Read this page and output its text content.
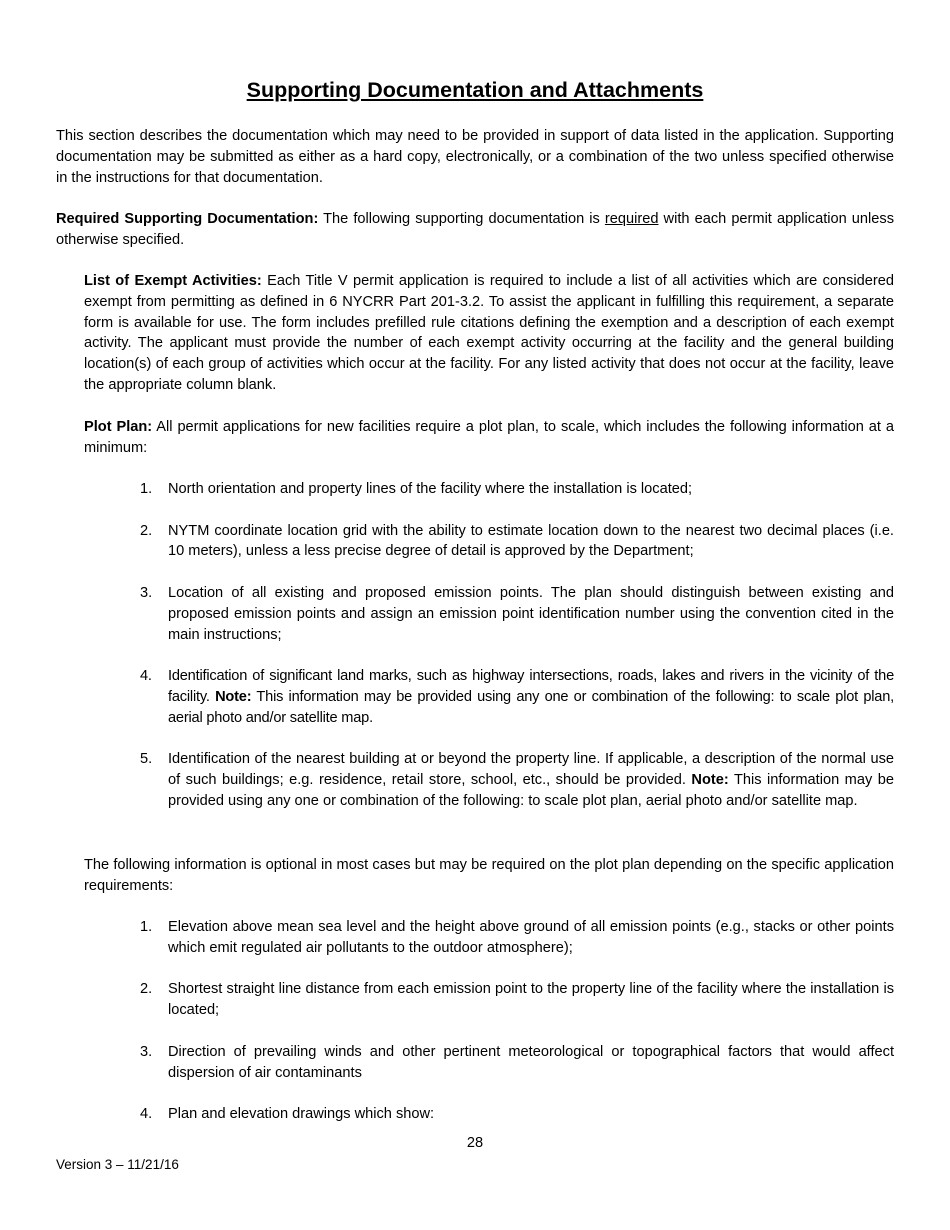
Supporting Documentation and Attachments

This section describes the documentation which may need to be provided in support of data listed in the application. Supporting documentation may be submitted as either as a hard copy, electronically, or a combination of the two unless specified otherwise in the instructions for that documentation.

Required Supporting Documentation: The following supporting documentation is required with each permit application unless otherwise specified.

List of Exempt Activities: Each Title V permit application is required to include a list of all activities which are considered exempt from permitting as defined in 6 NYCRR Part 201-3.2. To assist the applicant in fulfilling this requirement, a separate form is available for use. The form includes prefilled rule citations defining the exemption and a description of each exempt activity. The applicant must provide the number of each exempt activity occurring at the facility and the general building location(s) of each group of activities which occur at the facility. For any listed activity that does not occur at the facility, leave the appropriate column blank.

Plot Plan: All permit applications for new facilities require a plot plan, to scale, which includes the following information at a minimum:

1. North orientation and property lines of the facility where the installation is located;
2. NYTM coordinate location grid with the ability to estimate location down to the nearest two decimal places (i.e. 10 meters), unless a less precise degree of detail is approved by the Department;
3. Location of all existing and proposed emission points. The plan should distinguish between existing and proposed emission points and assign an emission point identification number using the convention cited in the main instructions;
4. Identification of significant land marks, such as highway intersections, roads, lakes and rivers in the vicinity of the facility. Note: This information may be provided using any one or combination of the following: to scale plot plan, aerial photo and/or satellite map.
5. Identification of the nearest building at or beyond the property line. If applicable, a description of the normal use of such buildings; e.g. residence, retail store, school, etc., should be provided. Note: This information may be provided using any one or combination of the following: to scale plot plan, aerial photo and/or satellite map.

The following information is optional in most cases but may be required on the plot plan depending on the specific application requirements:

1. Elevation above mean sea level and the height above ground of all emission points (e.g., stacks or other points which emit regulated air pollutants to the outdoor atmosphere);
2. Shortest straight line distance from each emission point to the property line of the facility where the installation is located;
3. Direction of prevailing winds and other pertinent meteorological or topographical factors that would affect dispersion of air contaminants
4. Plan and elevation drawings which show:
28
Version 3 – 11/21/16
